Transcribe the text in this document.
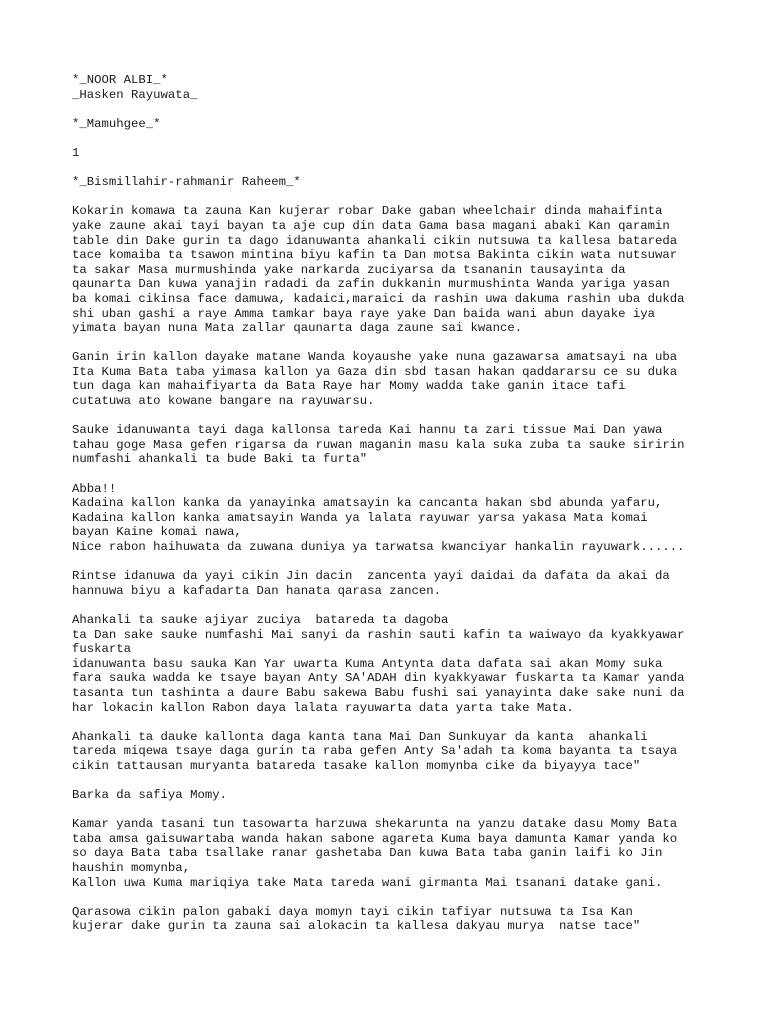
*_NOOR ALBI_*
_Hasken Rayuwata_
*_Mamuhgee_*
1
*_Bismillahir-rahmanir Raheem_*
Kokarin komawa ta zauna Kan kujerar robar Dake gaban wheelchair dinda mahaifinta
yake zaune akai tayi bayan ta aje cup din data Gama basa magani abaki Kan qaramin
table din Dake gurin ta dago idanuwanta ahankali cikin nutsuwa ta kallesa batareda
tace komaiba ta tsawon mintina biyu kafin ta Dan motsa Bakinta cikin wata nutsuwar
ta sakar Masa murmushinda yake narkarda zuciyarsa da tsananin tausayinta da
qaunarta Dan kuwa yanajin radadi da zafin dukkanin murmushinta Wanda yariga yasan
ba komai cikinsa face damuwa, kadaici,maraici da rashin uwa dakuma rashin uba dukda
shi uban gashi a raye Amma tamkar baya raye yake Dan baida wani abun dayake iya
yimata bayan nuna Mata zallar qaunarta daga zaune sai kwance.
Ganin irin kallon dayake matane Wanda koyaushe yake nuna gazawarsa amatsayi na uba
Ita Kuma Bata taba yimasa kallon ya Gaza din sbd tasan hakan qaddararsu ce su duka
tun daga kan mahaifiyarta da Bata Raye har Momy wadda take ganin itace tafi
cutatuwa ato kowane bangare na rayuwarsu.
Sauke idanuwanta tayi daga kallonsa tareda Kai hannu ta zari tissue Mai Dan yawa
tahau goge Masa gefen rigarsa da ruwan maganin masu kala suka zuba ta sauke siririn
numfashi ahankali ta bude Baki ta furta"
Abba!!
Kadaina kallon kanka da yanayinka amatsayin ka cancanta hakan sbd abunda yafaru,
Kadaina kallon kanka amatsayin Wanda ya lalata rayuwar yarsa yakasa Mata komai
bayan Kaine komai nawa,
Nice rabon haihuwata da zuwana duniya ya tarwatsa kwanciyar hankalin rayuwark......
Rintse idanuwa da yayi cikin Jin dacin  zancenta yayi daidai da dafata da akai da
hannuwa biyu a kafadarta Dan hanata qarasa zancen.
Ahankali ta sauke ajiyar zuciya  batareda ta dagoba
ta Dan sake sauke numfashi Mai sanyi da rashin sauti kafin ta waiwayo da kyakkyawar
fuskarta
idanuwanta basu sauka Kan Yar uwarta Kuma Antynta data dafata sai akan Momy suka
fara sauka wadda ke tsaye bayan Anty SA'ADAH din kyakkyawar fuskarta ta Kamar yanda
tasanta tun tashinta a daure Babu sakewa Babu fushi sai yanayinta dake sake nuni da
har lokacin kallon Rabon daya lalata rayuwarta data yarta take Mata.
Ahankali ta dauke kallonta daga kanta tana Mai Dan Sunkuyar da kanta  ahankali
tareda miqewa tsaye daga gurin ta raba gefen Anty Sa'adah ta koma bayanta ta tsaya
cikin tattausan muryanta batareda tasake kallon momynba cike da biyayya tace"
Barka da safiya Momy.
Kamar yanda tasani tun tasowarta harzuwa shekarunta na yanzu datake dasu Momy Bata
taba amsa gaisuwartaba wanda hakan sabone agareta Kuma baya damunta Kamar yanda ko
so daya Bata taba tsallake ranar gashetaba Dan kuwa Bata taba ganin laifi ko Jin
haushin momynba,
Kallon uwa Kuma mariqiya take Mata tareda wani girmanta Mai tsanani datake gani.
Qarasowa cikin palon gabaki daya momyn tayi cikin tafiyar nutsuwa ta Isa Kan
kujerar dake gurin ta zauna sai alokacin ta kallesa dakyau murya  natse tace"
